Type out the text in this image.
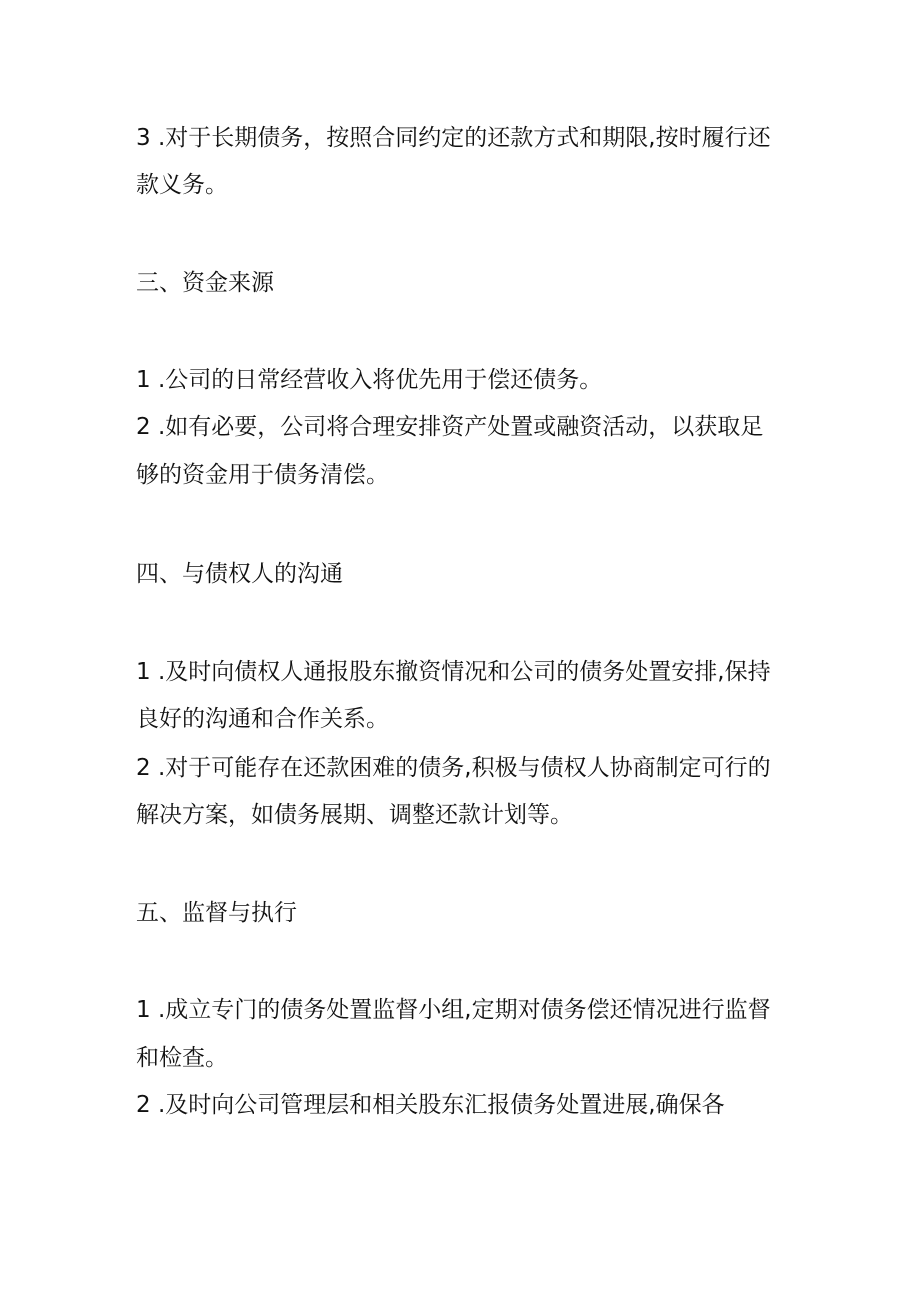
3 .对于长期债务，按照合同约定的还款方式和期限,按时履行还
款义务。
三、资金来源
1 .公司的日常经营收入将优先用于偿还债务。
2 .如有必要，公司将合理安排资产处置或融资活动，以获取足
够的资金用于债务清偿。
四、与债权人的沟通
1 .及时向债权人通报股东撤资情况和公司的债务处置安排,保持
良好的沟通和合作关系。
2 .对于可能存在还款困难的债务,积极与债权人协商制定可行的
解决方案，如债务展期、调整还款计划等。
五、监督与执行
1 .成立专门的债务处置监督小组,定期对债务偿还情况进行监督
和检查。
2 .及时向公司管理层和相关股东汇报债务处置进展,确保各
